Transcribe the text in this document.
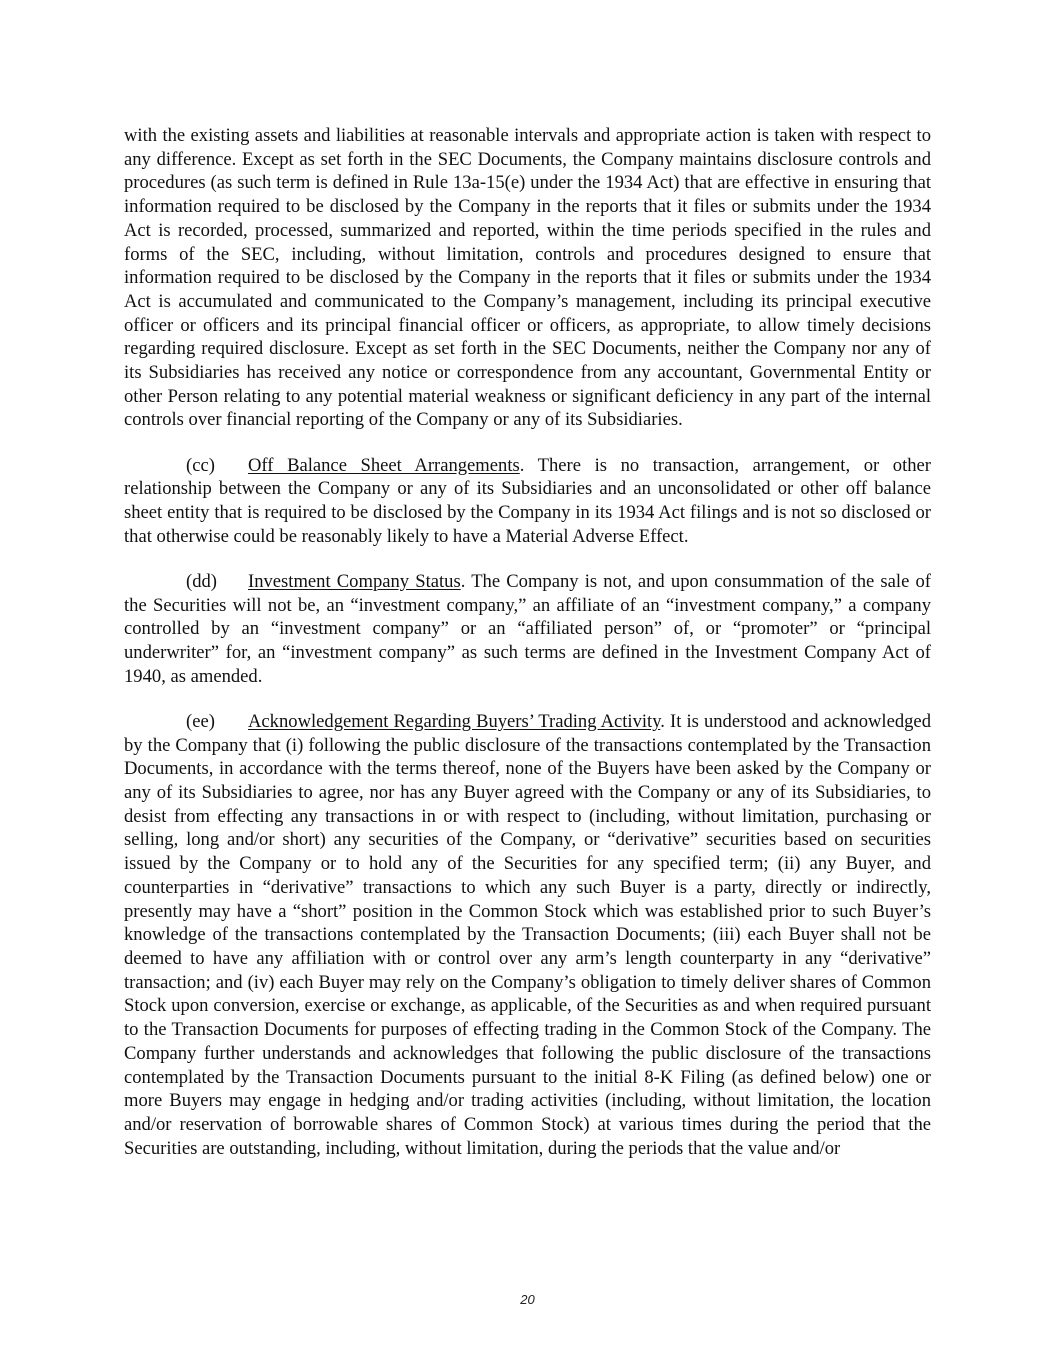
with the existing assets and liabilities at reasonable intervals and appropriate action is taken with respect to any difference. Except as set forth in the SEC Documents, the Company maintains disclosure controls and procedures (as such term is defined in Rule 13a-15(e) under the 1934 Act) that are effective in ensuring that information required to be disclosed by the Company in the reports that it files or submits under the 1934 Act is recorded, processed, summarized and reported, within the time periods specified in the rules and forms of the SEC, including, without limitation, controls and procedures designed to ensure that information required to be disclosed by the Company in the reports that it files or submits under the 1934 Act is accumulated and communicated to the Company’s management, including its principal executive officer or officers and its principal financial officer or officers, as appropriate, to allow timely decisions regarding required disclosure. Except as set forth in the SEC Documents, neither the Company nor any of its Subsidiaries has received any notice or correspondence from any accountant, Governmental Entity or other Person relating to any potential material weakness or significant deficiency in any part of the internal controls over financial reporting of the Company or any of its Subsidiaries.

(cc) Off Balance Sheet Arrangements. There is no transaction, arrangement, or other relationship between the Company or any of its Subsidiaries and an unconsolidated or other off balance sheet entity that is required to be disclosed by the Company in its 1934 Act filings and is not so disclosed or that otherwise could be reasonably likely to have a Material Adverse Effect.

(dd) Investment Company Status. The Company is not, and upon consummation of the sale of the Securities will not be, an “investment company,” an affiliate of an “investment company,” a company controlled by an “investment company” or an “affiliated person” of, or “promoter” or “principal underwriter” for, an “investment company” as such terms are defined in the Investment Company Act of 1940, as amended.

(ee) Acknowledgement Regarding Buyers’ Trading Activity. It is understood and acknowledged by the Company that (i) following the public disclosure of the transactions contemplated by the Transaction Documents, in accordance with the terms thereof, none of the Buyers have been asked by the Company or any of its Subsidiaries to agree, nor has any Buyer agreed with the Company or any of its Subsidiaries, to desist from effecting any transactions in or with respect to (including, without limitation, purchasing or selling, long and/or short) any securities of the Company, or “derivative” securities based on securities issued by the Company or to hold any of the Securities for any specified term; (ii) any Buyer, and counterparties in “derivative” transactions to which any such Buyer is a party, directly or indirectly, presently may have a “short” position in the Common Stock which was established prior to such Buyer’s knowledge of the transactions contemplated by the Transaction Documents; (iii) each Buyer shall not be deemed to have any affiliation with or control over any arm’s length counterparty in any “derivative” transaction; and (iv) each Buyer may rely on the Company’s obligation to timely deliver shares of Common Stock upon conversion, exercise or exchange, as applicable, of the Securities as and when required pursuant to the Transaction Documents for purposes of effecting trading in the Common Stock of the Company. The Company further understands and acknowledges that following the public disclosure of the transactions contemplated by the Transaction Documents pursuant to the initial 8-K Filing (as defined below) one or more Buyers may engage in hedging and/or trading activities (including, without limitation, the location and/or reservation of borrowable shares of Common Stock) at various times during the period that the Securities are outstanding, including, without limitation, during the periods that the value and/or

20
